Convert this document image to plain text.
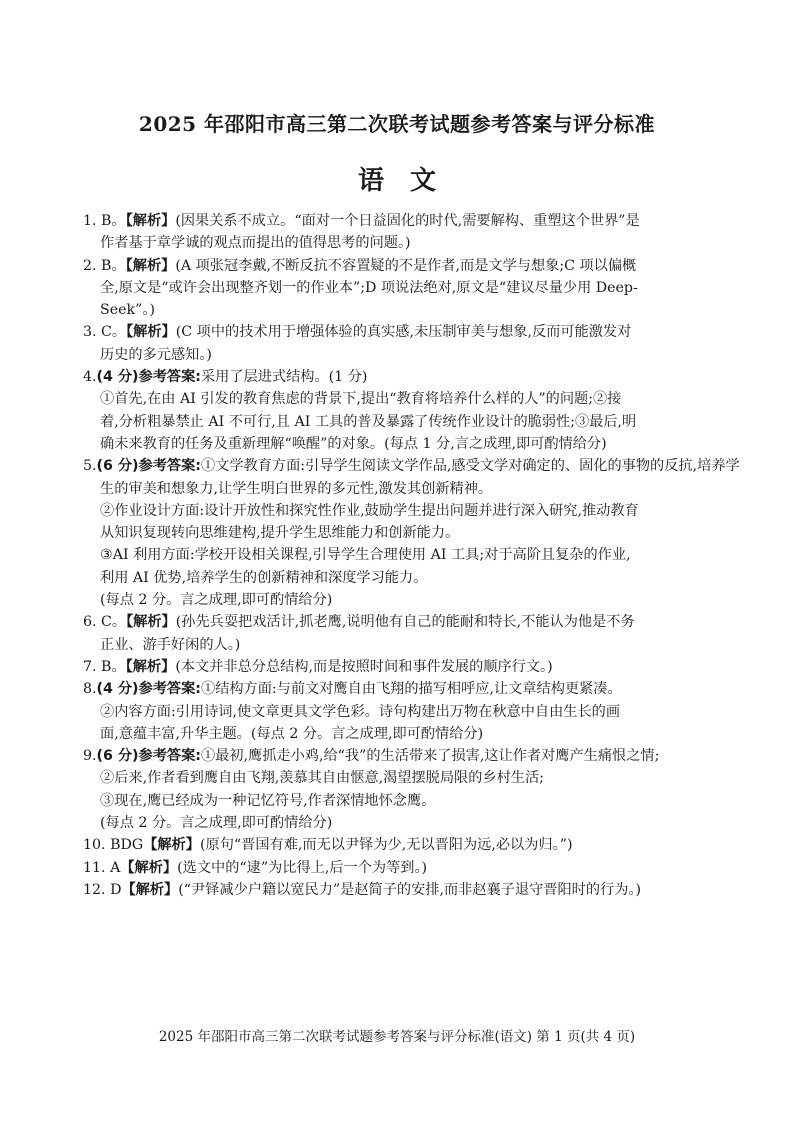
2025 年邵阳市高三第二次联考试题参考答案与评分标准
语文
1. B。【解析】(因果关系不成立。“面对一个日益固化的时代,需要解构、重塑这个世界”是
作者基于章学诚的观点而提出的值得思考的问题。)
2. B。【解析】(A 项张冠李戴,不断反抗不容置疑的不是作者,而是文学与想象;C 项以偏概
全,原文是“或许会出现整齐划一的作业本”;D 项说法绝对,原文是“建议尽量少用 Deep-
Seek”。)
3. C。【解析】(C 项中的技术用于增强体验的真实感,未压制审美与想象,反而可能激发对
历史的多元感知。)
4.(4 分)参考答案:采用了层进式结构。(1 分)
①首先,在由 AI 引发的教育焦虑的背景下,提出“教育将培养什么样的人”的问题;②接
着,分析粗暴禁止 AI 不可行,且 AI 工具的普及暴露了传统作业设计的脆弱性;③最后,明
确未来教育的任务及重新理解“唤醒”的对象。(每点 1 分,言之成理,即可酌情给分)
5.(6 分)参考答案:①文学教育方面:引导学生阅读文学作品,感受文学对确定的、固化的事物的反抗,培养学
生的审美和想象力,让学生明白世界的多元性,激发其创新精神。
②作业设计方面:设计开放性和探究性作业,鼓励学生提出问题并进行深入研究,推动教育
从知识复现转向思维建构,提升学生思维能力和创新能力。
③AI 利用方面:学校开设相关课程,引导学生合理使用 AI 工具;对于高阶且复杂的作业,
利用 AI 优势,培养学生的创新精神和深度学习能力。
(每点 2 分。言之成理,即可酌情给分)
6. C。【解析】(孙先兵耍把戏活计,抓老鹰,说明他有自己的能耐和特长,不能认为他是不务
正业、游手好闲的人。)
7. B。【解析】(本文并非总分总结构,而是按照时间和事件发展的顺序行文。)
8.(4 分)参考答案:①结构方面:与前文对鹰自由飞翔的描写相呼应,让文章结构更紧凑。
②内容方面:引用诗词,使文章更具文学色彩。诗句构建出万物在秋意中自由生长的画
面,意蕴丰富,升华主题。(每点 2 分。言之成理,即可酌情给分)
9.(6 分)参考答案:①最初,鹰抓走小鸡,给“我”的生活带来了损害,这让作者对鹰产生痛恨之情;
②后来,作者看到鹰自由飞翔,羡慕其自由惬意,渴望摆脱局限的乡村生活;
③现在,鹰已经成为一种记忆符号,作者深情地怀念鹰。
(每点 2 分。言之成理,即可酌情给分)
10. BDG【解析】(原句“晋国有难,而无以尹铎为少,无以晋阳为远,必以为归。”)
11. A【解析】(选文中的“逮”为比得上,后一个为等到。)
12. D【解析】(“尹铎减少户籍以宽民力”是赵简子的安排,而非赵襄子退守晋阳时的行为。)
2025 年邵阳市高三第二次联考试题参考答案与评分标准(语文) 第 1 页(共 4 页)
